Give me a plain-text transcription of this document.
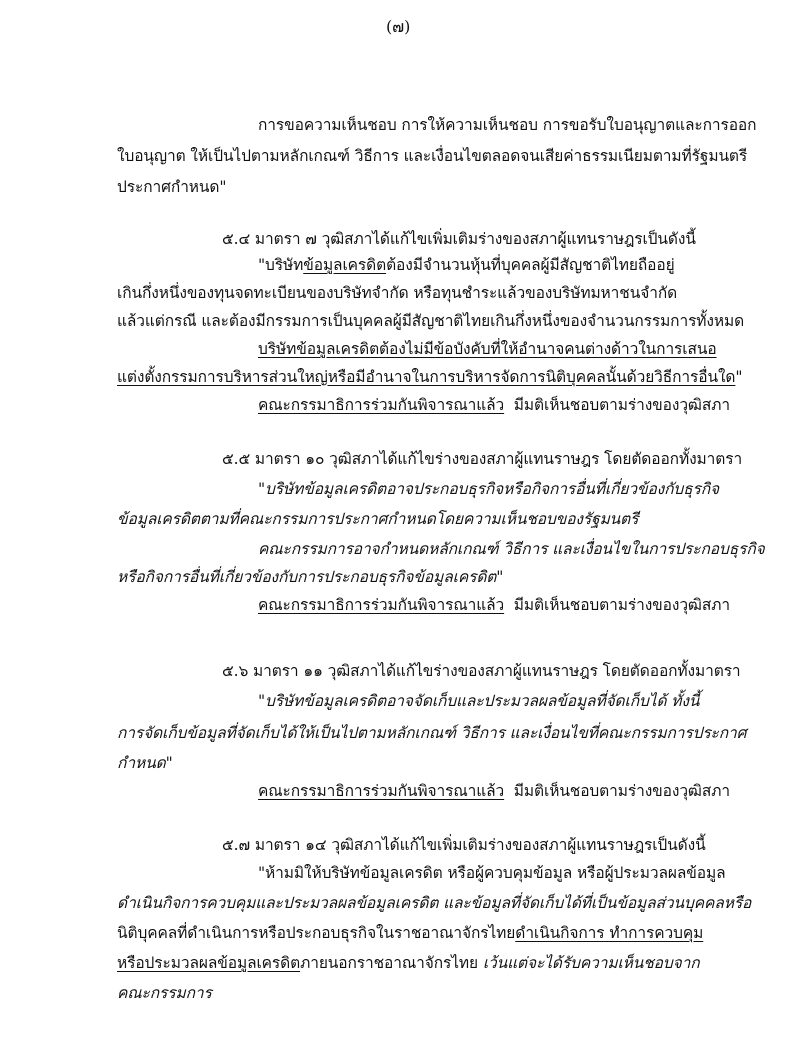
(๗)
การขอความเห็นชอบ การให้ความเห็นชอบ การขอรับใบอนุญาตและการออก
ใบอนุญาต ให้เป็นไปตามหลักเกณฑ์ วิธีการ และเงื่อนไขตลอดจนเสียค่าธรรมเนียมตามที่รัฐมนตรี
ประกาศกำหนด"
๕.๔ มาตรา ๗ วุฒิสภาได้แก้ไขเพิ่มเติมร่างของสภาผู้แทนราษฎรเป็นดังนี้
"บริษัทข้อมูลเครดิตต้องมีจำนวนหุ้นที่บุคคลผู้มีสัญชาติไทยถืออยู่
เกินกึ่งหนึ่งของทุนจดทะเบียนของบริษัทจำกัด หรือทุนชำระแล้วของบริษัทมหาชนจำกัด
แล้วแต่กรณี และต้องมีกรรมการเป็นบุคคลผู้มีสัญชาติไทยเกินกึ่งหนึ่งของจำนวนกรรมการทั้งหมด
บริษัทข้อมูลเครดิตต้องไม่มีข้อบังคับที่ให้อำนาจคนต่างด้าวในการเสนอ
แต่งตั้งกรรมการบริหารส่วนใหญ่หรือมีอำนาจในการบริหารจัดการนิติบุคคลนั้นด้วยวิธีการอื่นใด"
คณะกรรมาธิการร่วมกันพิจารณาแล้ว มีมติเห็นชอบตามร่างของวุฒิสภา
๕.๕ มาตรา ๑๐ วุฒิสภาได้แก้ไขร่างของสภาผู้แทนราษฎร โดยตัดออกทั้งมาตรา
"บริษัทข้อมูลเครดิตอาจประกอบธุรกิจหรือกิจการอื่นที่เกี่ยวข้องกับธุรกิจ
ข้อมูลเครดิตตามที่คณะกรรมการประกาศกำหนดโดยความเห็นชอบของรัฐมนตรี
คณะกรรมการอาจกำหนดหลักเกณฑ์ วิธีการ และเงื่อนไขในการประกอบธุรกิจ
หรือกิจการอื่นที่เกี่ยวข้องกับการประกอบธุรกิจข้อมูลเครดิต"
คณะกรรมาธิการร่วมกันพิจารณาแล้ว มีมติเห็นชอบตามร่างของวุฒิสภา
๕.๖ มาตรา ๑๑ วุฒิสภาได้แก้ไขร่างของสภาผู้แทนราษฎร โดยตัดออกทั้งมาตรา
"บริษัทข้อมูลเครดิตอาจจัดเก็บและประมวลผลข้อมูลที่จัดเก็บได้ ทั้งนี้
การจัดเก็บข้อมูลที่จัดเก็บได้ให้เป็นไปตามหลักเกณฑ์ วิธีการ และเงื่อนไขที่คณะกรรมการประกาศ
กำหนด"
คณะกรรมาธิการร่วมกันพิจารณาแล้ว มีมติเห็นชอบตามร่างของวุฒิสภา
๕.๗ มาตรา ๑๔ วุฒิสภาได้แก้ไขเพิ่มเติมร่างของสภาผู้แทนราษฎรเป็นดังนี้
"ห้ามมิให้บริษัทข้อมูลเครดิต หรือผู้ควบคุมข้อมูล หรือผู้ประมวลผลข้อมูล
ดำเนินกิจการควบคุมและประมวลผลข้อมูลเครดิต และข้อมูลที่จัดเก็บได้ที่เป็นข้อมูลส่วนบุคคลหรือ
นิติบุคคลที่ดำเนินการหรือประกอบธุรกิจในราชอาณาจักรไทยดำเนินกิจการ ทำการควบคุม
หรือประมวลผลข้อมูลเครดิตภายนอกราชอาณาจักรไทย เว้นแต่จะได้รับความเห็นชอบจาก
คณะกรรมการ
